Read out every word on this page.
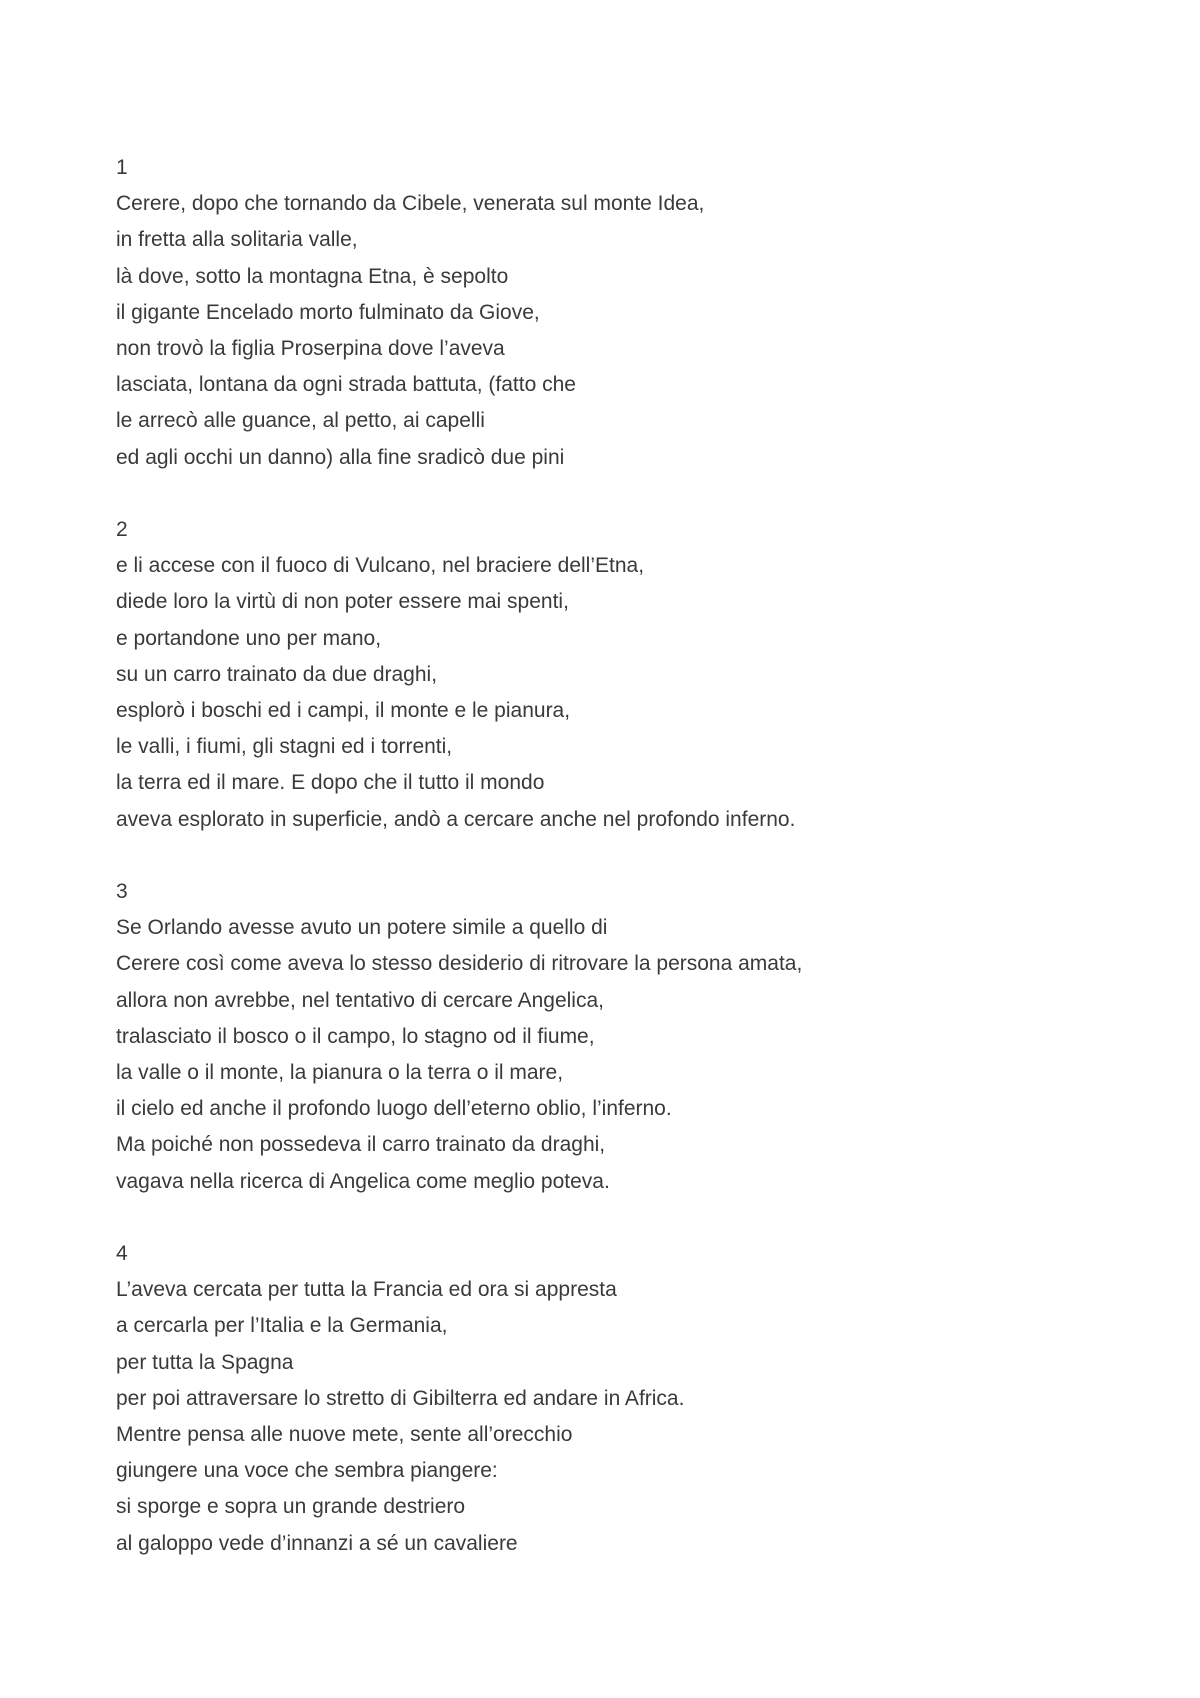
1
Cerere, dopo che tornando da Cibele, venerata sul monte Idea,
in fretta alla solitaria valle,
là dove, sotto la montagna Etna, è sepolto
il gigante Encelado morto fulminato da Giove,
non trovò la figlia Proserpina dove l’aveva
lasciata, lontana da ogni strada battuta, (fatto che
le arrecò alle guance, al petto, ai capelli
ed agli occhi un danno) alla fine sradicò due pini
2
e li accese con il fuoco di Vulcano, nel braciere dell’Etna,
diede loro la virtù di non poter essere mai spenti,
e portandone uno per mano,
su un carro trainato da due draghi,
esplorò i boschi ed i campi, il monte e le pianura,
le valli, i fiumi, gli stagni ed i torrenti,
la terra ed il mare. E dopo che il tutto il mondo
aveva esplorato in superficie, andò a cercare anche nel profondo inferno.
3
Se Orlando avesse avuto un potere simile a quello di
Cerere così come aveva lo stesso desiderio di ritrovare la persona amata,
allora non avrebbe, nel tentativo di cercare Angelica,
tralasciato il bosco o il campo, lo stagno od il fiume,
la valle o il monte, la pianura o la terra o il mare,
il cielo ed anche il profondo luogo dell’eterno oblio, l’inferno.
Ma poiché non possedeva il carro trainato da draghi,
vagava nella ricerca di Angelica come meglio poteva.
4
L’aveva cercata per tutta la Francia ed ora si appresta
a cercarla per l’Italia e la Germania,
per tutta la Spagna
per poi attraversare lo stretto di Gibilterra ed andare in Africa.
Mentre pensa alle nuove mete, sente all’orecchio
giungere una voce che sembra piangere:
si sporge e sopra un grande destriero
al galoppo vede d’innanzi a sé un cavaliere
